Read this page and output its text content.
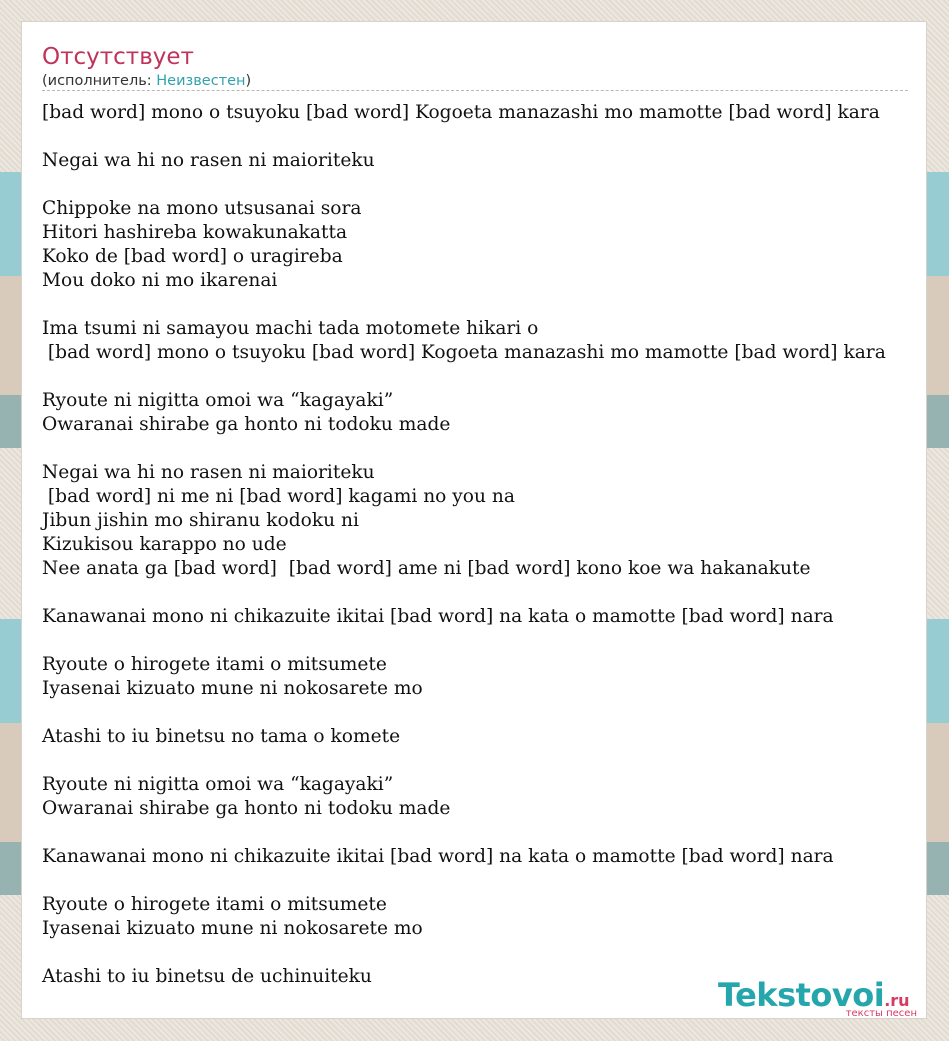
Отсутствует
(исполнитель: Неизвестен)
[bad word] mono o tsuyoku [bad word] Kogoeta manazashi mo mamotte [bad word] kara
Negai wa hi no rasen ni maioriteku
Chippoke na mono utsusanai sora
Hitori hashireba kowakunakatta
Koko de [bad word] o uragireba
Mou doko ni mo ikarenai
Ima tsumi ni samayou machi tada motomete hikari o
[bad word] mono o tsuyoku [bad word] Kogoeta manazashi mo mamotte [bad word] kara
Ryoute ni nigitta omoi wa “kagayaki”
Owaranai shirabe ga honto ni todoku made
Negai wa hi no rasen ni maioriteku
[bad word] ni me ni [bad word] kagami no you na
Jibun jishin mo shiranu kodoku ni
Kizukisou karappo no ude
Nee anata ga [bad word]  [bad word] ame ni [bad word] kono koe wa hakanakute
Kanawanai mono ni chikazuite ikitai [bad word] na kata o mamotte [bad word] nara
Ryoute o hirogete itami o mitsumete
Iyasenai kizuato mune ni nokosarete mo
Atashi to iu binetsu no tama o komete
Ryoute ni nigitta omoi wa “kagayaki”
Owaranai shirabe ga honto ni todoku made
Kanawanai mono ni chikazuite ikitai [bad word] na kata o mamotte [bad word] nara
Ryoute o hirogete itami o mitsumete
Iyasenai kizuato mune ni nokosarete mo
Atashi to iu binetsu de uchinuiteku	Tekstovoi.ru
тексты песен
